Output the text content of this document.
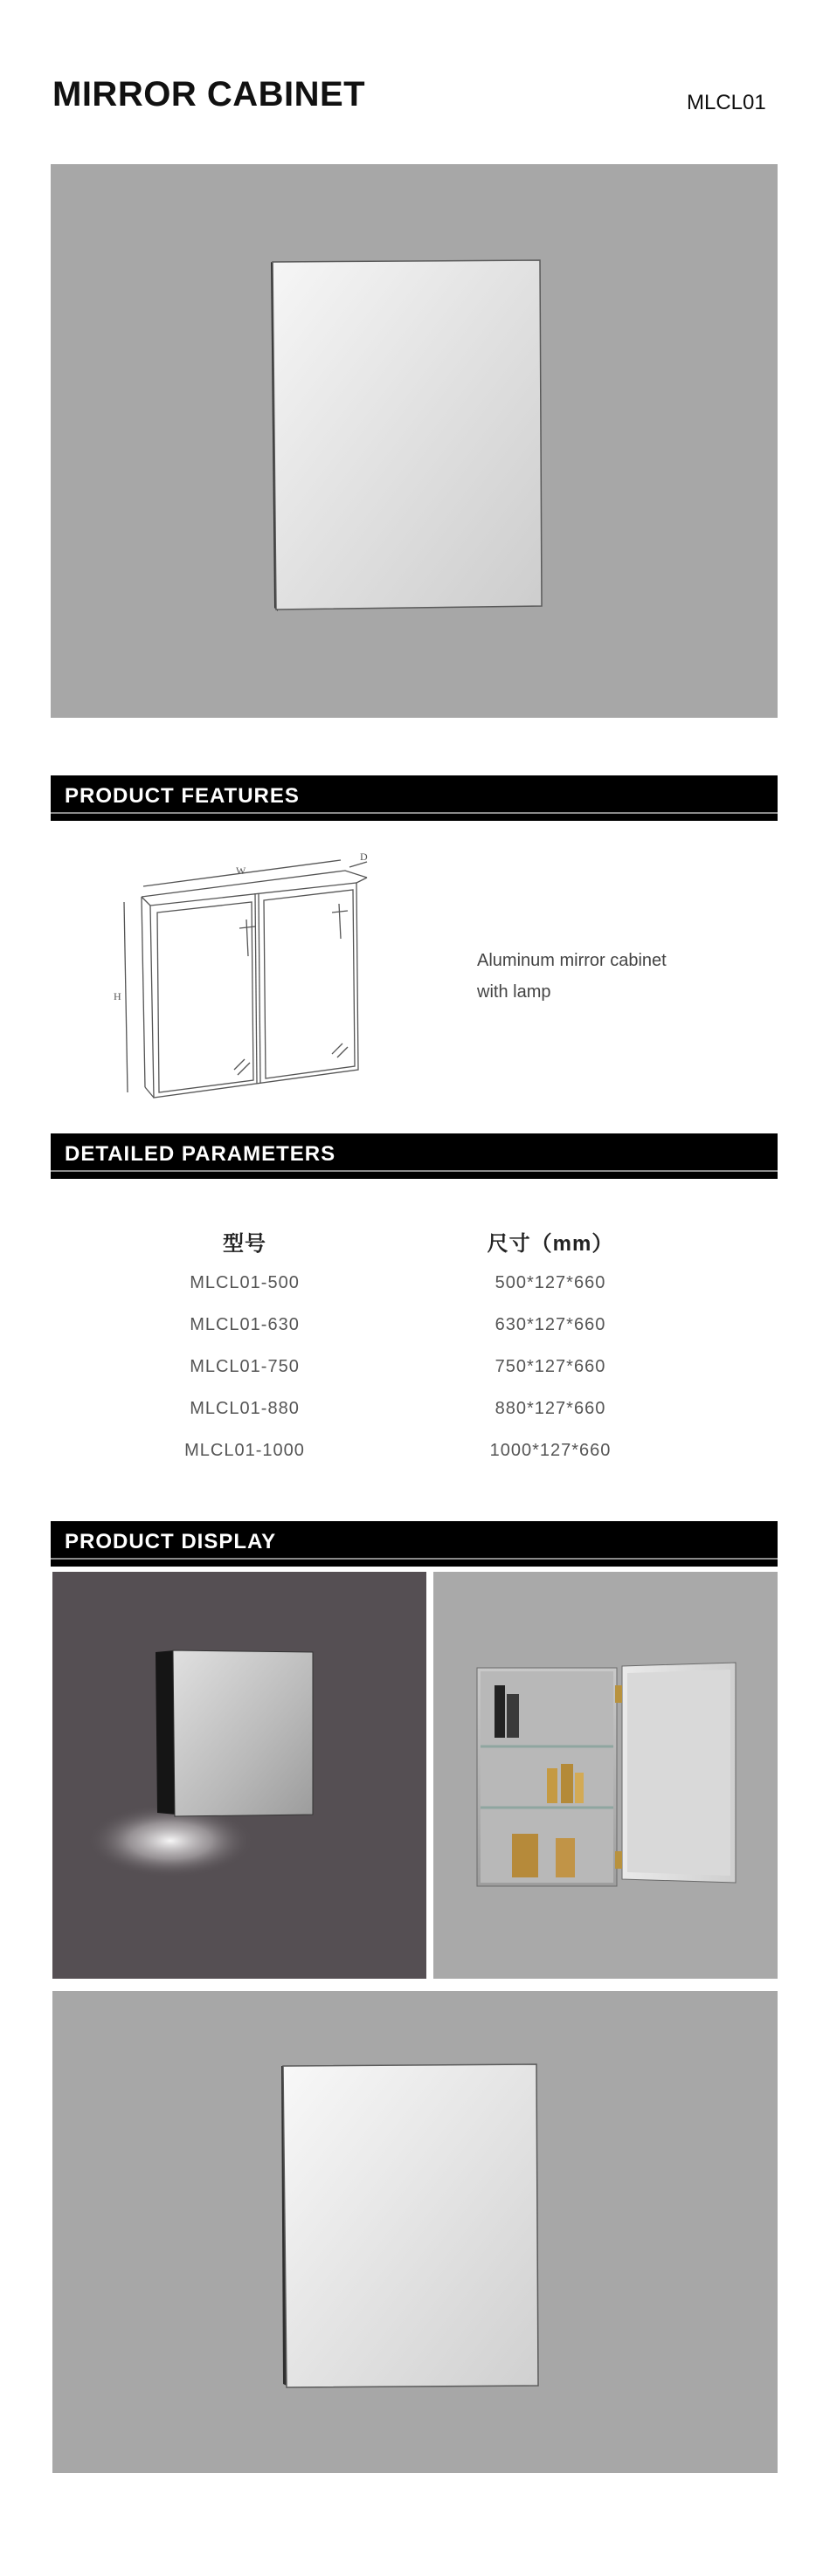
MIRROR CABINET	MLCL01
PRODUCT FEATURES
W
H
D
Aluminum mirror cabinet
with lamp
DETAILED PARAMETERS
型号	尺寸（mm）
MLCL01-500	500*127*660
MLCL01-630	630*127*660
MLCL01-750	750*127*660
MLCL01-880	880*127*660
MLCL01-1000	1000*127*660
PRODUCT DISPLAY
